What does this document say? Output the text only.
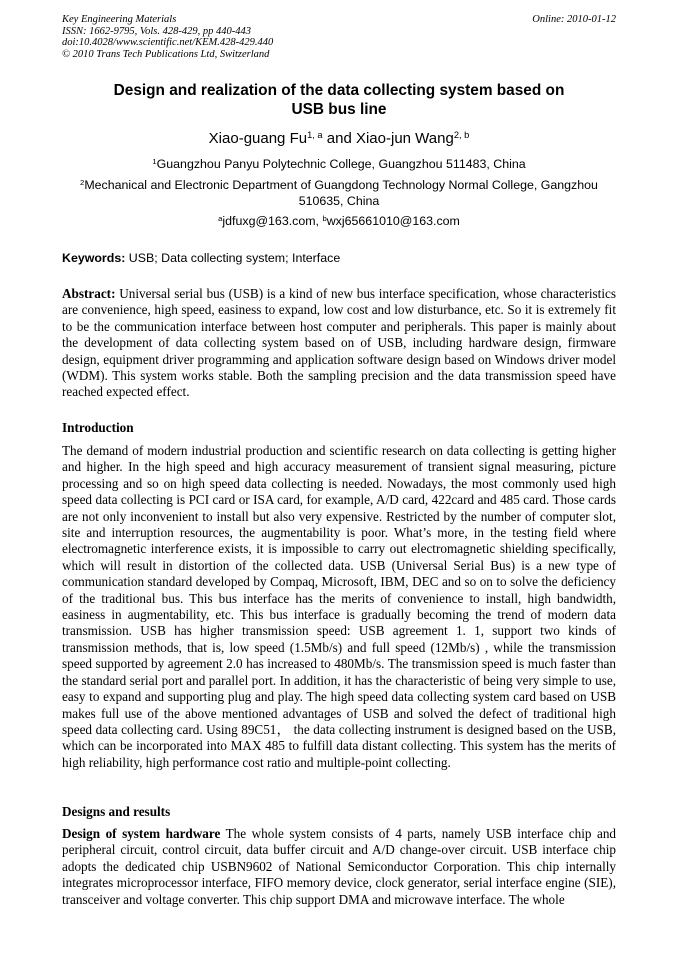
Key Engineering Materials
ISSN: 1662-9795, Vols. 428-429, pp 440-443
doi:10.4028/www.scientific.net/KEM.428-429.440
© 2010 Trans Tech Publications Ltd, Switzerland
Online: 2010-01-12
Design and realization of the data collecting system based on
USB bus line
Xiao-guang Fu$^{1, a}$ and Xiao-jun Wang$^{2, b}$
$^1$Guangzhou Panyu Polytechnic College, Guangzhou 511483, China
$^2$Mechanical and Electronic Department of Guangdong Technology Normal College, Gangzhou 510635, China
$^a$jdfuxg@163.com, $^b$wxj65661010@163.com
Keywords: USB; Data collecting system; Interface
Abstract: Universal serial bus (USB) is a kind of new bus interface specification, whose characteristics are convenience, high speed, easiness to expand, low cost and low disturbance, etc. So it is extremely fit to be the communication interface between host computer and peripherals. This paper is mainly about the development of data collecting system based on of USB, including hardware design, firmware design, equipment driver programming and application software design based on Windows driver model (WDM). This system works stable. Both the sampling precision and the data transmission speed have reached expected effect.
Introduction
The demand of modern industrial production and scientific research on data collecting is getting higher and higher. In the high speed and high accuracy measurement of transient signal measuring, picture processing and so on high speed data collecting is needed. Nowadays, the most commonly used high speed data collecting is PCI card or ISA card, for example, A/D card, 422card and 485 card. Those cards are not only inconvenient to install but also very expensive. Restricted by the number of computer slot, site and interruption resources, the augmentability is poor. What’s more, in the testing field where electromagnetic interference exists, it is impossible to carry out electromagnetic shielding specifically, which will result in distortion of the collected data. USB (Universal Serial Bus) is a new type of communication standard developed by Compaq, Microsoft, IBM, DEC and so on to solve the deficiency of the traditional bus. This bus interface has the merits of convenience to install, high bandwidth, easiness in augmentability, etc. This bus interface is gradually becoming the trend of modern data transmission. USB has higher transmission speed: USB agreement 1. 1, support two kinds of transmission methods, that is, low speed (1.5Mb/s) and full speed (12Mb/s) , while the transmission speed supported by agreement 2.0 has increased to 480Mb/s. The transmission speed is much faster than the standard serial port and parallel port. In addition, it has the characteristic of being very simple to use, easy to expand and supporting plug and play. The high speed data collecting system card based on USB makes full use of the above mentioned advantages of USB and solved the defect of traditional high speed data collecting card. Using 89C51， the data collecting instrument is designed based on the USB, which can be incorporated into MAX 485 to fulfill data distant collecting. This system has the merits of high reliability, high performance cost ratio and multiple-point collecting.
Designs and results
Design of system hardware The whole system consists of 4 parts, namely USB interface chip and peripheral circuit, control circuit, data buffer circuit and A/D change-over circuit. USB interface chip adopts the dedicated chip USBN9602 of National Semiconductor Corporation. This chip internally integrates microprocessor interface, FIFO memory device, clock generator, serial interface engine (SIE), transceiver and voltage converter. This chip support DMA and microwave interface. The whole
